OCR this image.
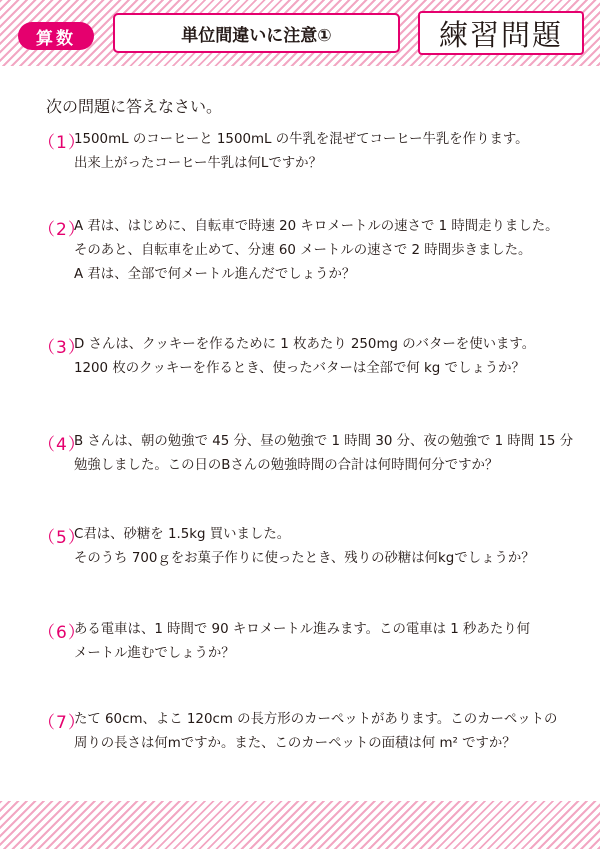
算数	単位間違いに注意①	練習問題
次の問題に答えなさい。
（1）
1500mL のコーヒーと 1500mL の牛乳を混ぜてコーヒー牛乳を作ります。
出来上がったコーヒー牛乳は何Lですか？
（2）
A 君は、はじめに、自転車で時速 20 キロメートルの速さで 1 時間走りました。
そのあと、自転車を止めて、分速 60 メートルの速さで 2 時間歩きました。
A 君は、全部で何メートル進んだでしょうか？
（3）
D さんは、クッキーを作るために 1 枚あたり 250mg のバターを使います。
1200 枚のクッキーを作るとき、使ったバターは全部で何 kg でしょうか？
（4）
B さんは、朝の勉強で 45 分、昼の勉強で 1 時間 30 分、夜の勉強で 1 時間 15 分
勉強しました。この日のBさんの勉強時間の合計は何時間何分ですか？
（5）
C君は、砂糖を 1.5kg 買いました。
そのうち 700ｇをお菓子作りに使ったとき、残りの砂糖は何kgでしょうか？
（6）
ある電車は、1 時間で 90 キロメートル進みます。この電車は 1 秒あたり何
メートル進むでしょうか？
（7）
たて 60cm、よこ 120cm の長方形のカーペットがあります。このカーペットの
周りの長さは何mですか。また、このカーペットの面積は何 m² ですか？
